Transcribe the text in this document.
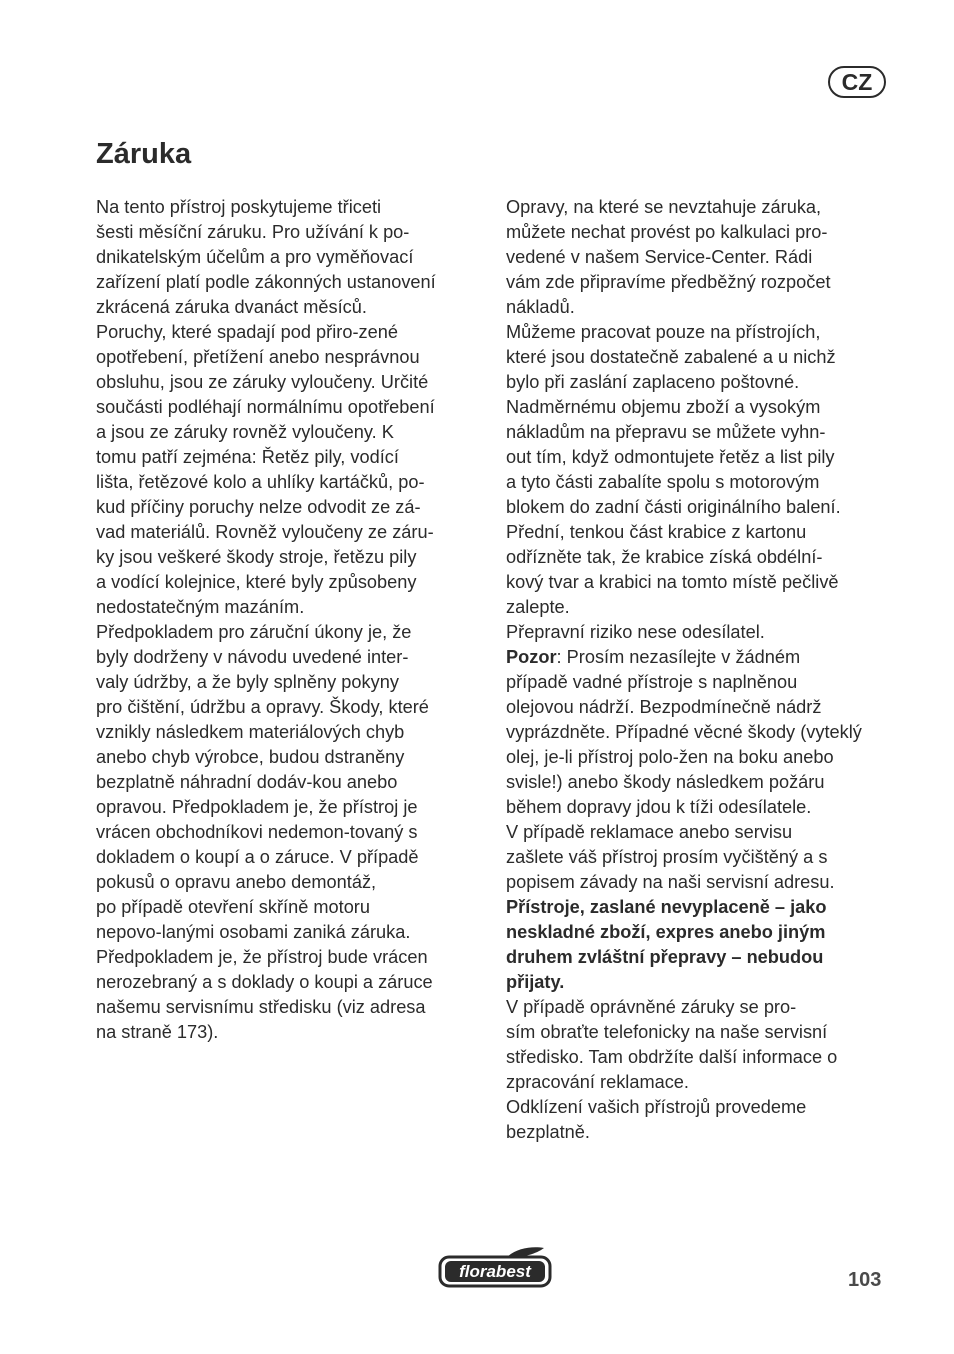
CZ
Záruka
Na tento přístroj poskytujeme třiceti
šesti měsíční záruku. Pro užívání k po-
dnikatelským účelům a pro vyměňovací
zařízení platí podle zákonných ustanovení
zkrácená záruka dvanáct měsíců.
Poruchy, které spadají pod přiro-zené
opotřebení, přetížení anebo nesprávnou
obsluhu, jsou ze záruky vyloučeny. Určité
součásti podléhají normálnímu opotřebení
a jsou ze záruky rovněž vyloučeny. K
tomu patří zejména: Řetěz pily, vodící
lišta, řetězové kolo a uhlíky kartáčků, po-
kud příčiny poruchy nelze odvodit ze zá-
vad materiálů. Rovněž vyloučeny ze záru-
ky jsou veškeré škody stroje, řetězu pily
a vodící kolejnice, které byly způsobeny
nedostatečným mazáním.
Předpokladem pro záruční úkony je, že
byly dodrženy v návodu uvedené inter-
valy údržby, a že byly splněny pokyny
pro čištění, údržbu a opravy. Škody, které
vznikly následkem materiálových chyb
anebo chyb výrobce, budou dstraněny
bezplatně náhradní dodáv-kou anebo
opravou. Předpokladem je, že přístroj je
vrácen obchodníkovi nedemon-tovaný s
dokladem o koupí a o záruce. V případě
pokusů o opravu anebo demontáž,
po případě otevření skříně motoru
nepovo-lanými osobami zaniká záruka.
Předpokladem je, že přístroj bude vrácen
nerozebraný a s doklady o koupi a záruce
našemu servisnímu středisku (viz adresa
na straně 173).
Opravy, na které se nevztahuje záruka,
můžete nechat provést po kalkulaci pro-
vedené v našem Service-Center. Rádi
vám zde připravíme předběžný rozpočet
nákladů.
Můžeme pracovat pouze na přístrojích,
které jsou dostatečně zabalené a u nichž
bylo při zaslání zaplaceno poštovné.
Nadměrnému objemu zboží a vysokým
nákladům na přepravu se můžete vyhn-
out tím, když odmontujete řetěz a list pily
a tyto části zabalíte spolu s motorovým
blokem do zadní části originálního balení.
Přední, tenkou část krabice z kartonu
odřízněte tak, že krabice získá obdélní-
kový tvar a krabici na tomto místě pečlivě
zalepte.
Přepravní riziko nese odesílatel.
Pozor: Prosím nezasílejte v žádném
případě vadné přístroje s naplněnou
olejovou nádrží. Bezpodmínečně nádrž
vyprázdněte. Případné věcné škody (vyteklý
olej, je-li přístroj polo-žen na boku anebo
svisle!) anebo škody následkem požáru
během dopravy jdou k tíži odesílatele.
V případě reklamace anebo servisu
zašlete váš přístroj prosím vyčištěný a s
popisem závady na naši servisní adresu.
Přístroje, zaslané nevyplaceně – jako
neskladné zboží, expres anebo jiným
druhem zvláštní přepravy – nebudou
přijaty.
V případě oprávněné záruky se pro-
sím obraťte telefonicky na naše servisní
středisko. Tam obdržíte další informace o
zpracování reklamace.
Odklízení vašich přístrojů provedeme
bezplatně.
florabest	103
